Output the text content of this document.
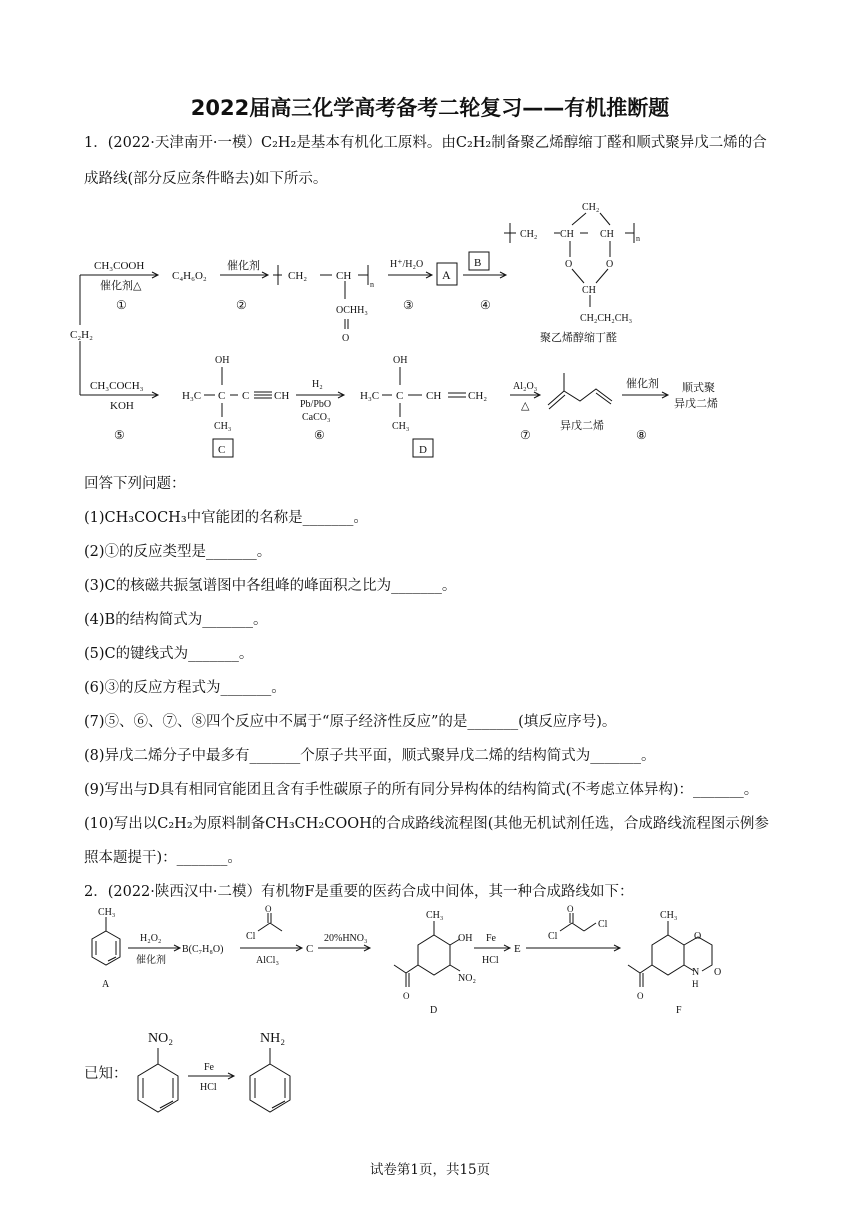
2022届高三化学高考备考二轮复习——有机推断题
1．(2022·天津南开·一模）C₂H₂是基本有机化工原料。由C₂H₂制备聚乙烯醇缩丁醛和顺式聚异戊二烯的合
成路线(部分反应条件略去)如下所示。
CH₃COOH
催化剂△
①
C₄H₆O₂
催化剂
②
CH₂	CH
n
OCHH₃
O
H⁺/H₂O
③
A
B
④
CH₂ CH
CH₂
CH	n
O	O
CH
CH₂CH₂CH₃
聚乙烯醇缩丁醛
C₂H₂
CH₃COCH₃
KOH
⑤
H₃C
OH
C
CH₃
C CH
C
H₂
Pb/PbO
CaCO₃
⑥
H₃C
OH
C
CH₃
CH CH₂
D
Al₂O₃
△
⑦
异戊二烯
催化剂
⑧
顺式聚
异戊二烯
回答下列问题：
(1)CH₃COCH₃中官能团的名称是_______。
(2)①的反应类型是_______。
(3)C的核磁共振氢谱图中各组峰的峰面积之比为_______。
(4)B的结构简式为_______。
(5)C的键线式为_______。
(6)③的反应方程式为_______。
(7)⑤、⑥、⑦、⑧四个反应中不属于“原子经济性反应”的是_______(填反应序号)。
(8)异戊二烯分子中最多有_______个原子共平面，顺式聚异戊二烯的结构简式为_______。
(9)写出与D具有相同官能团且含有手性碳原子的所有同分异构体的结构简式(不考虑立体异构)：_______。
(10)写出以C₂H₂为原料制备CH₃CH₂COOH的合成路线流程图(其他无机试剂任选，合成路线流程图示例参
照本题提干)：_______。
2．(2022·陕西汉中·二模）有机物F是重要的医药合成中间体，其一种合成路线如下：
CH₃
A
H₂O₂
催化剂
B(C₇H₈O)
O
Cl
AlCl₃
C
20%HNO₃
CH₃
OH
NO₂
O
D
Fe
HCl
E
O
Cl
Cl
CH₃
O
N
H
O
O
F
已知：
NO₂	NH₂
Fe
HCl
试卷第1页，共15页
